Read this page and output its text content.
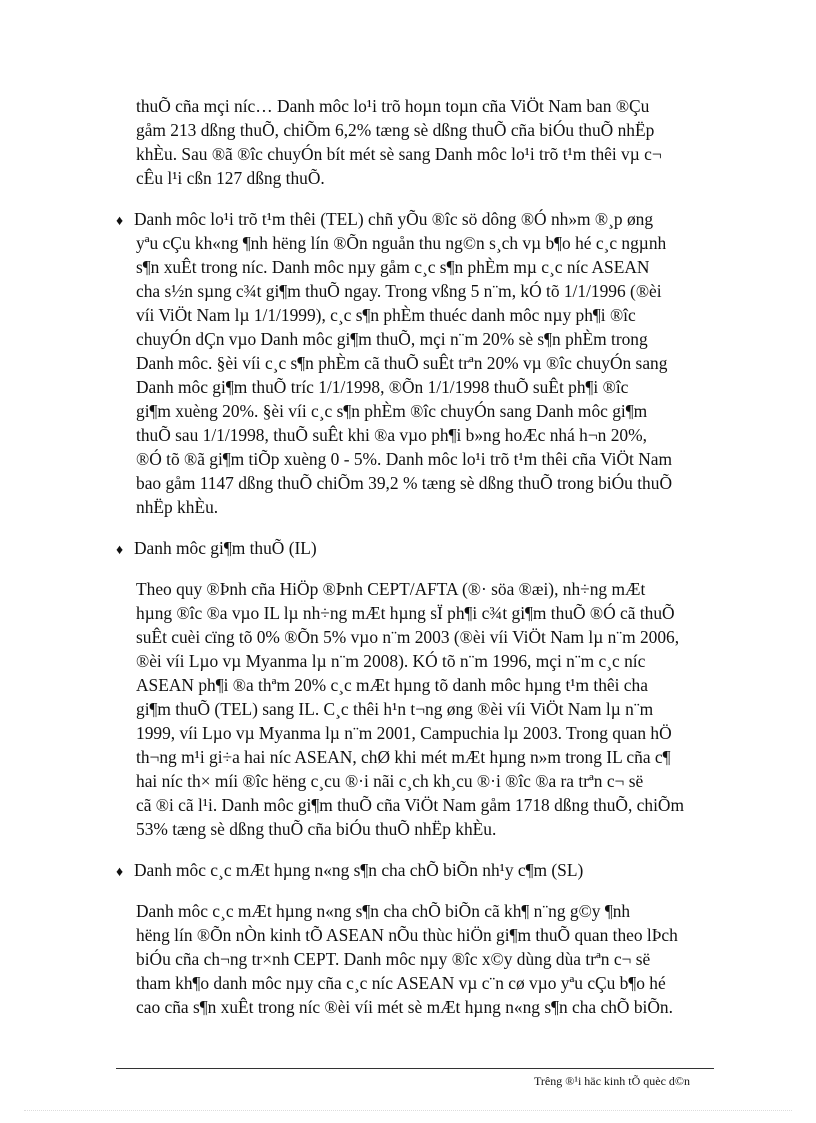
thuÕ cña mçi níc… Danh môc lo¹i trõ hoµn toµn cña ViÖt Nam ban ®Çu
gåm 213 dßng thuÕ, chiÕm 6,2% tæng sè dßng thuÕ cña biÓu thuÕ nhËp
khÈu. Sau ®ã ®îc chuyÓn bít mét sè sang Danh môc lo¹i trõ t¹m thêi vµ c¬
cÊu l¹i cßn 127 dßng thuÕ.
♦ Danh môc lo¹i trõ t¹m thêi (TEL) chñ yÕu ®îc sö dông ®Ó nh»m ®¸p øng
yªu cÇu kh«ng ¶nh hëng lín ®Õn nguån thu ng©n s¸ch vµ b¶o hé c¸c ngµnh
s¶n xuÊt trong níc. Danh môc nµy gåm c¸c s¶n phÈm mµ c¸c níc ASEAN
cha s½n sµng c¾t gi¶m thuÕ ngay. Trong vßng 5 n¨m, kÓ tõ 1/1/1996 (®èi
víi ViÖt Nam lµ 1/1/1999), c¸c s¶n phÈm thuéc danh môc nµy ph¶i ®îc
chuyÓn dÇn vµo Danh môc gi¶m thuÕ, mçi n¨m 20% sè s¶n phÈm trong
Danh môc. §èi víi c¸c s¶n phÈm cã thuÕ suÊt trªn 20% vµ ®îc chuyÓn sang
Danh môc gi¶m thuÕ tríc 1/1/1998, ®Õn 1/1/1998 thuÕ suÊt ph¶i ®îc
gi¶m xuèng 20%. §èi víi c¸c s¶n phÈm ®îc chuyÓn sang Danh môc gi¶m
thuÕ sau 1/1/1998, thuÕ suÊt khi ®a vµo ph¶i b»ng hoÆc nhá h¬n 20%,
®Ó tõ ®ã gi¶m tiÕp xuèng 0 - 5%. Danh môc lo¹i trõ t¹m thêi cña ViÖt Nam
bao gåm 1147 dßng thuÕ chiÕm 39,2 % tæng sè dßng thuÕ trong biÓu thuÕ
nhËp khÈu.
♦ Danh môc gi¶m thuÕ (IL)
Theo quy ®Þnh cña HiÖp ®Þnh CEPT/AFTA (®· söa ®æi), nh÷ng mÆt
hµng ®îc ®a vµo IL lµ nh÷ng mÆt hµng sÏ ph¶i c¾t gi¶m thuÕ ®Ó cã thuÕ
suÊt cuèi cïng tõ 0% ®Õn 5% vµo n¨m 2003 (®èi víi ViÖt Nam lµ n¨m 2006,
®èi víi Lµo vµ Myanma lµ n¨m 2008). KÓ tõ n¨m 1996, mçi n¨m c¸c níc
ASEAN ph¶i ®a thªm 20% c¸c mÆt hµng tõ danh môc hµng t¹m thêi cha
gi¶m thuÕ (TEL) sang IL. C¸c thêi h¹n t¬ng øng ®èi víi ViÖt Nam lµ n¨m
1999, víi Lµo vµ Myanma lµ n¨m 2001, Campuchia lµ 2003. Trong quan hÖ
th¬ng m¹i gi÷a hai níc ASEAN, chØ khi mét mÆt hµng n»m trong IL cña c¶
hai níc th× míi ®îc hëng c¸cu ®·i nãi c¸ch kh¸cu ®·i ®îc ®a ra trªn c¬ së
cã ®i cã l¹i. Danh môc gi¶m thuÕ cña ViÖt Nam gåm 1718 dßng thuÕ, chiÕm
53% tæng sè dßng thuÕ cña biÓu thuÕ nhËp khÈu.
♦ Danh môc c¸c mÆt hµng n«ng s¶n cha chÕ biÕn nh¹y c¶m (SL)
Danh môc c¸c mÆt hµng n«ng s¶n cha chÕ biÕn cã kh¶ n¨ng g©y ¶nh
hëng lín ®Õn nÒn kinh tÕ ASEAN nÕu thùc hiÖn gi¶m thuÕ quan theo lÞch
biÓu cña ch¬ng tr×nh CEPT. Danh môc nµy ®îc x©y dùng dùa trªn c¬ së
tham kh¶o danh môc nµy cña c¸c níc ASEAN vµ c¨n cø vµo yªu cÇu b¶o hé
cao cña s¶n xuÊt trong níc ®èi víi mét sè mÆt hµng n«ng s¶n cha chÕ biÕn.
Trêng ®¹i häc kinh tÕ quèc d©n
